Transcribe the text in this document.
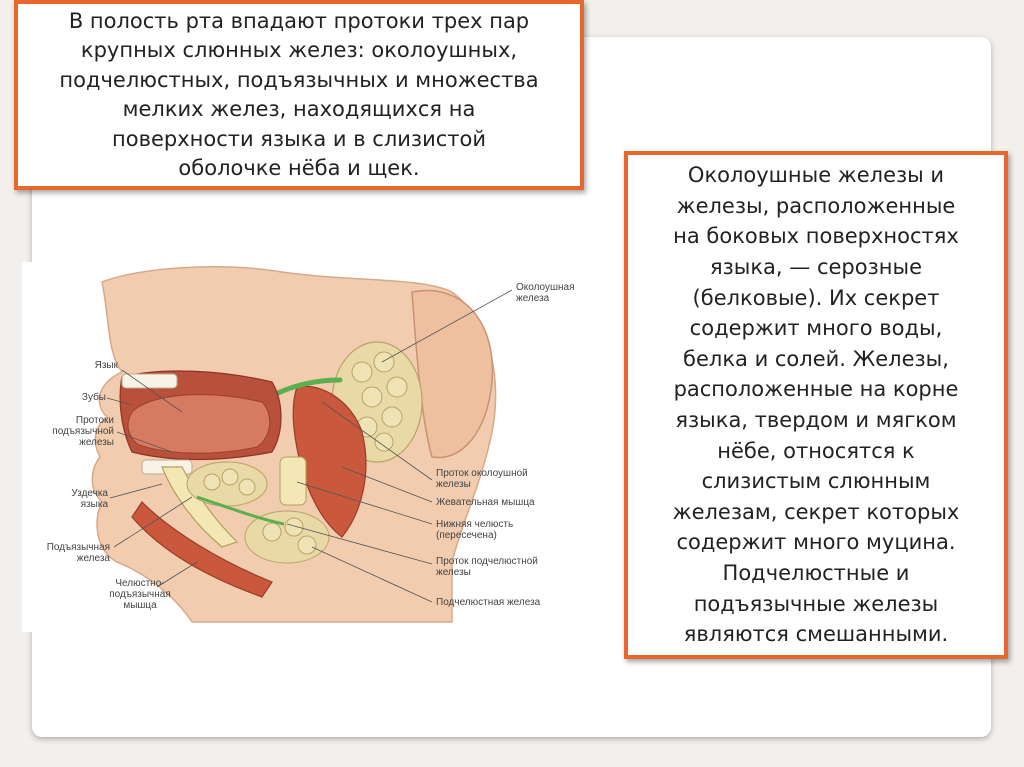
В полость рта впадают протоки трех пар
крупных слюнных желез: околоушных,
подчелюстных, подъязычных и множества
мелких желез, находящихся на
поверхности языка и в слизистой
оболочке нёба и щек.

Язык
Зубы
Протоки
подъязычной
железы
Уздечка
языка
Подъязычная
железа
Челюстно-
подъязычная
мышца
Околоушная
железа
Проток околоушной
железы
Жевательная мышца
Нижняя челюсть
(пересечена)
Проток подчелюстной
железы
Подчелюстная железа

Околоушные железы и
железы, расположенные
на боковых поверхностях
языка, — серозные
(белковые). Их секрет
содержит много воды,
белка и солей. Железы,
расположенные на корне
языка, твердом и мягком
нёбе, относятся к
слизистым слюнным
железам, секрет которых
содержит много муцина.
Подчелюстные и
подъязычные железы
являются смешанными.
